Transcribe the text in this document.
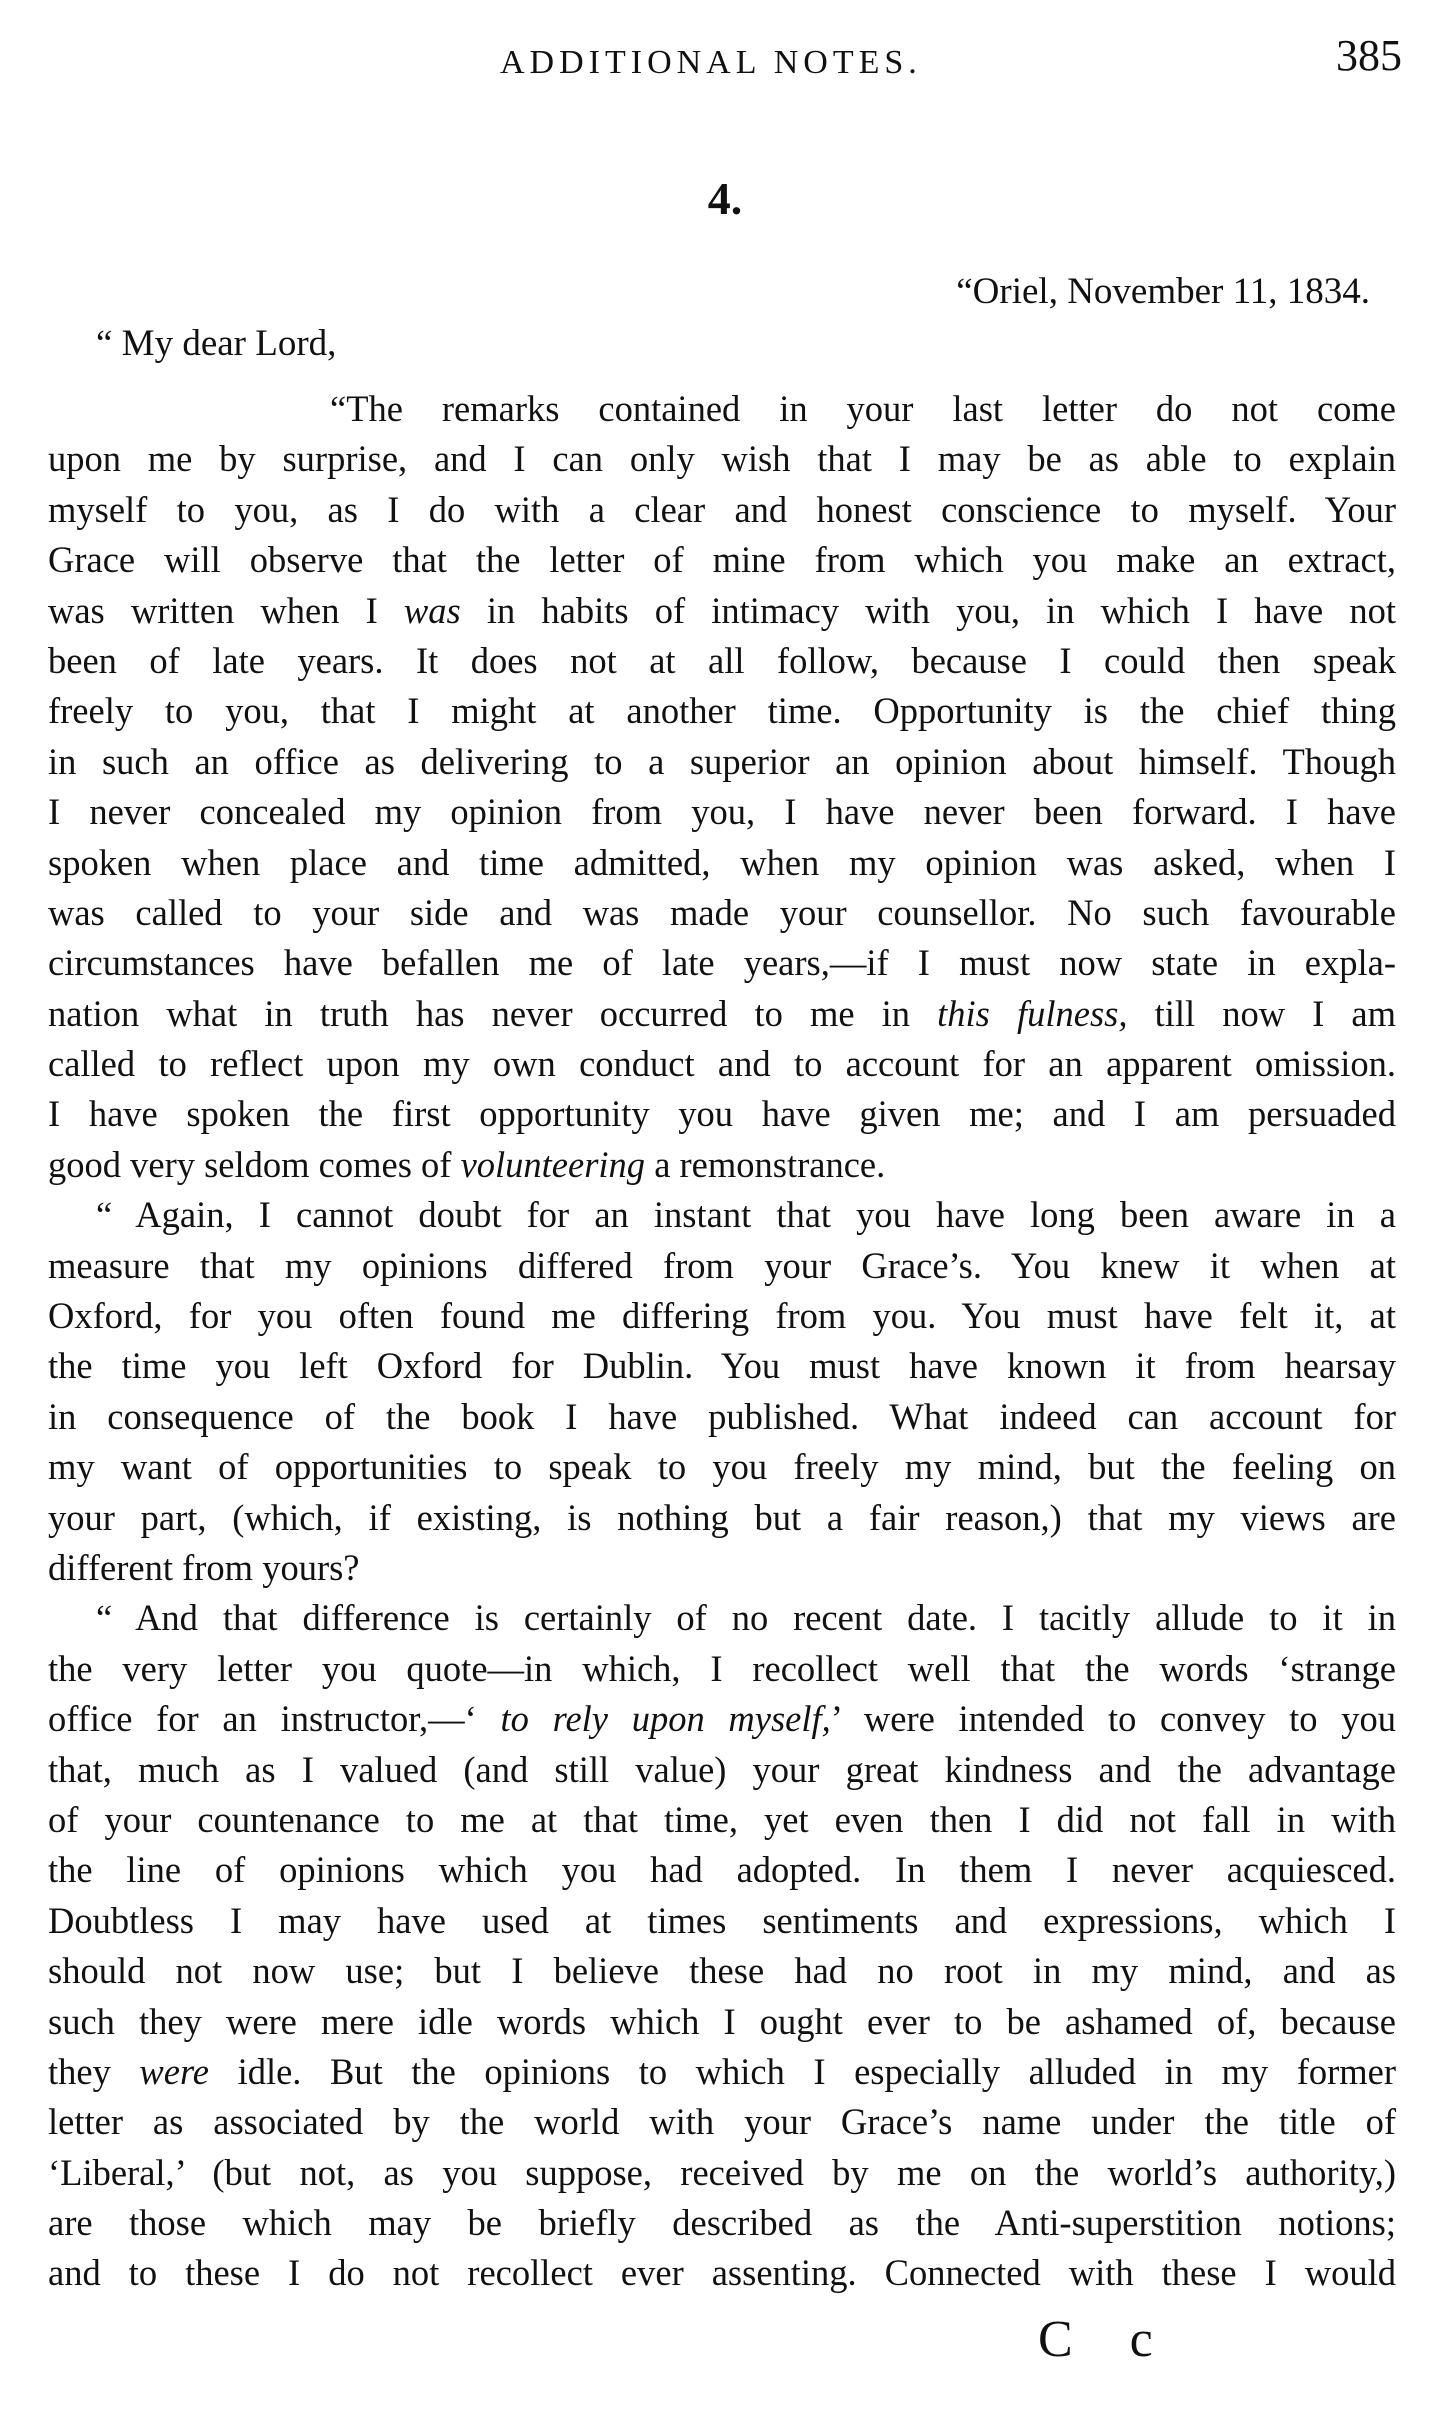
ADDITIONAL NOTES.	385
4.
“Oriel, November 11, 1834.
“ My dear Lord,
“The remarks contained in your last letter do not come
upon me by surprise, and I can only wish that I may be as able to explain
myself to you, as I do with a clear and honest conscience to myself. Your
Grace will observe that the letter of mine from which you make an extract,
was written when I was in habits of intimacy with you, in which I have not
been of late years. It does not at all follow, because I could then speak
freely to you, that I might at another time. Opportunity is the chief thing
in such an office as delivering to a superior an opinion about himself. Though
I never concealed my opinion from you, I have never been forward. I have
spoken when place and time admitted, when my opinion was asked, when I
was called to your side and was made your counsellor. No such favourable
circumstances have befallen me of late years,—if I must now state in expla-
nation what in truth has never occurred to me in this fulness, till now I am
called to reflect upon my own conduct and to account for an apparent omission.
I have spoken the first opportunity you have given me; and I am persuaded
good very seldom comes of volunteering a remonstrance.
“ Again, I cannot doubt for an instant that you have long been aware in a
measure that my opinions differed from your Grace’s. You knew it when at
Oxford, for you often found me differing from you. You must have felt it, at
the time you left Oxford for Dublin. You must have known it from hearsay
in consequence of the book I have published. What indeed can account for
my want of opportunities to speak to you freely my mind, but the feeling on
your part, (which, if existing, is nothing but a fair reason,) that my views are
different from yours?
“ And that difference is certainly of no recent date. I tacitly allude to it in
the very letter you quote—in which, I recollect well that the words ‘strange
office for an instructor,—‘ to rely upon myself,’ were intended to convey to you
that, much as I valued (and still value) your great kindness and the advantage
of your countenance to me at that time, yet even then I did not fall in with
the line of opinions which you had adopted. In them I never acquiesced.
Doubtless I may have used at times sentiments and expressions, which I
should not now use; but I believe these had no root in my mind, and as
such they were mere idle words which I ought ever to be ashamed of, because
they were idle. But the opinions to which I especially alluded in my former
letter as associated by the world with your Grace’s name under the title of
‘Liberal,’ (but not, as you suppose, received by me on the world’s authority,)
are those which may be briefly described as the Anti-superstition notions;
and to these I do not recollect ever assenting. Connected with these I would
C c
